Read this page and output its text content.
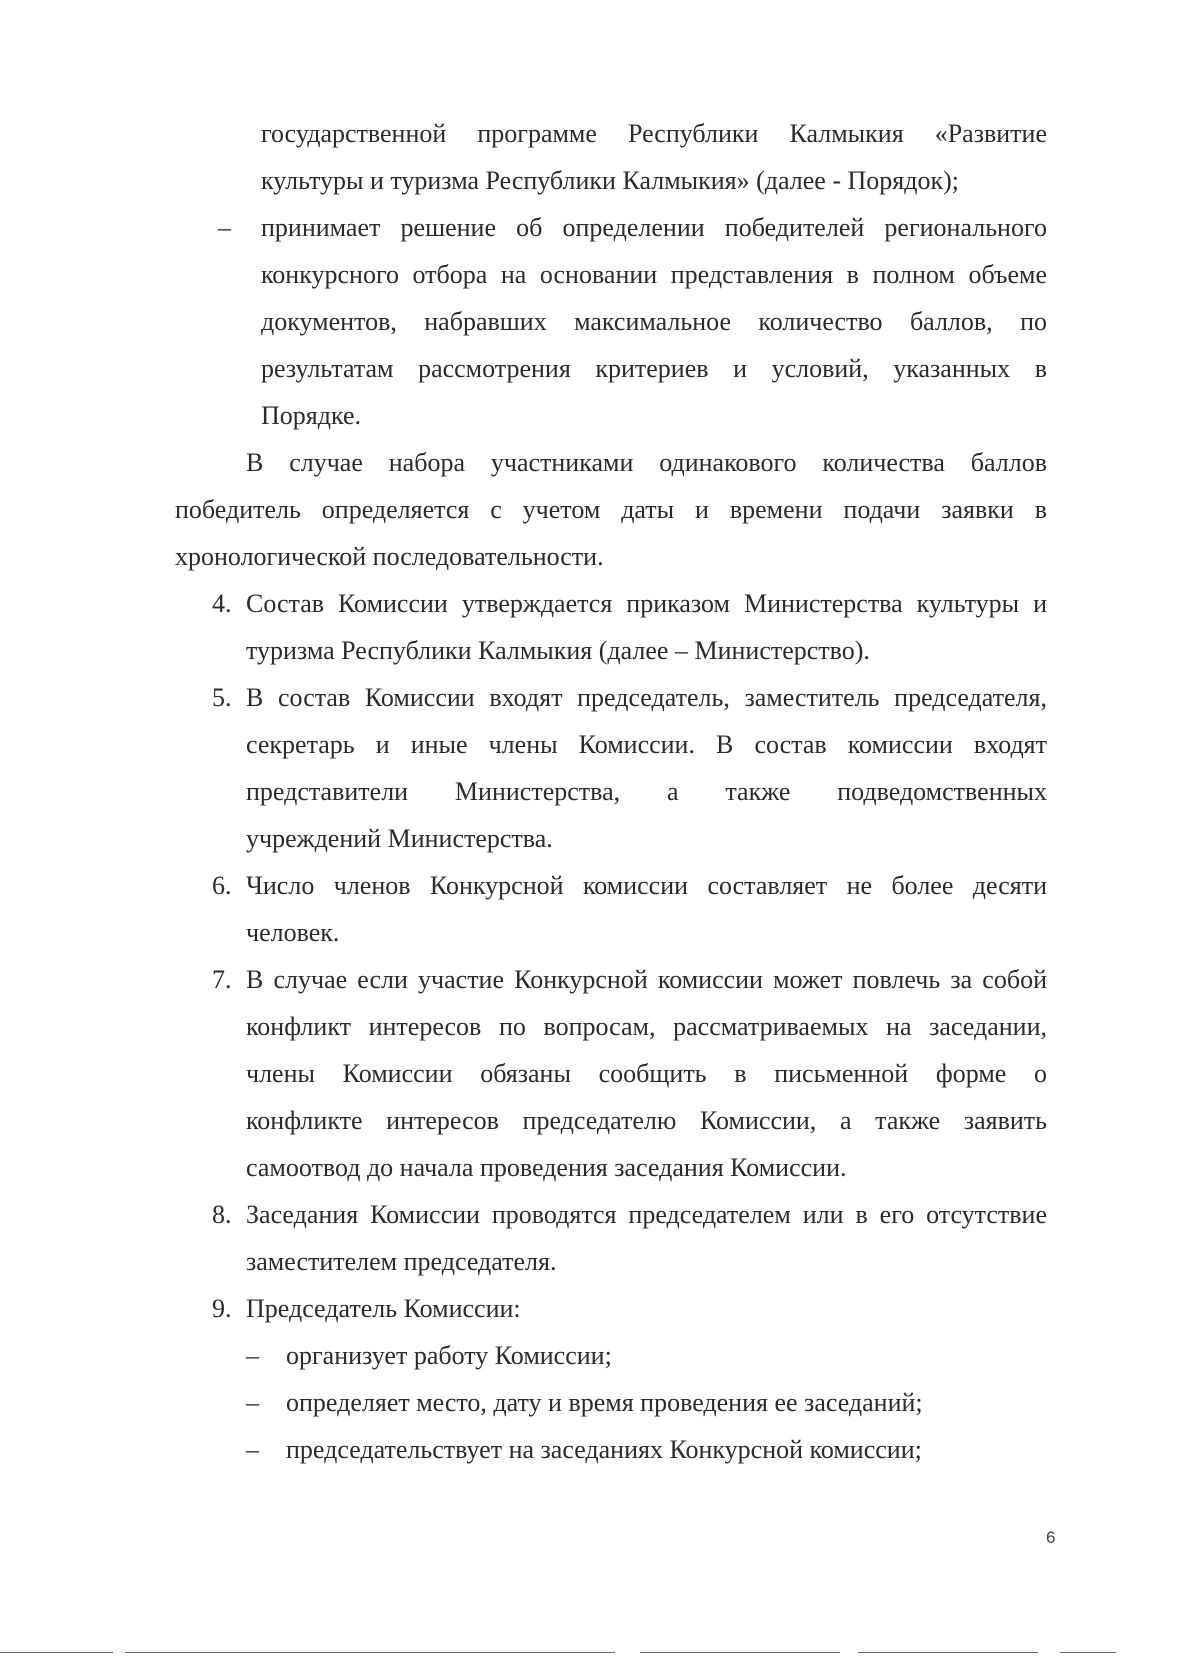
государственной программе Республики Калмыкия «Развитие
культуры и туризма Республики Калмыкия» (далее - Порядок);
– принимает решение об определении победителей регионального
конкурсного отбора на основании представления в полном объеме
документов, набравших максимальное количество баллов, по
результатам рассмотрения критериев и условий, указанных в
Порядке.
В случае набора участниками одинакового количества баллов
победитель определяется с учетом даты и времени подачи заявки в
хронологической последовательности.
4. Состав Комиссии утверждается приказом Министерства культуры и
туризма Республики Калмыкия (далее – Министерство).
5. В состав Комиссии входят председатель, заместитель председателя,
секретарь и иные члены Комиссии. В состав комиссии входят
представители Министерства, а также подведомственных
учреждений Министерства.
6. Число членов Конкурсной комиссии составляет не более десяти
человек.
7. В случае если участие Конкурсной комиссии может повлечь за собой
конфликт интересов по вопросам, рассматриваемых на заседании,
члены Комиссии обязаны сообщить в письменной форме о
конфликте интересов председателю Комиссии, а также заявить
самоотвод до начала проведения заседания Комиссии.
8. Заседания Комиссии проводятся председателем или в его отсутствие
заместителем председателя.
9. Председатель Комиссии:
– организует работу Комиссии;
– определяет место, дату и время проведения ее заседаний;
– председательствует на заседаниях Конкурсной комиссии;
6
